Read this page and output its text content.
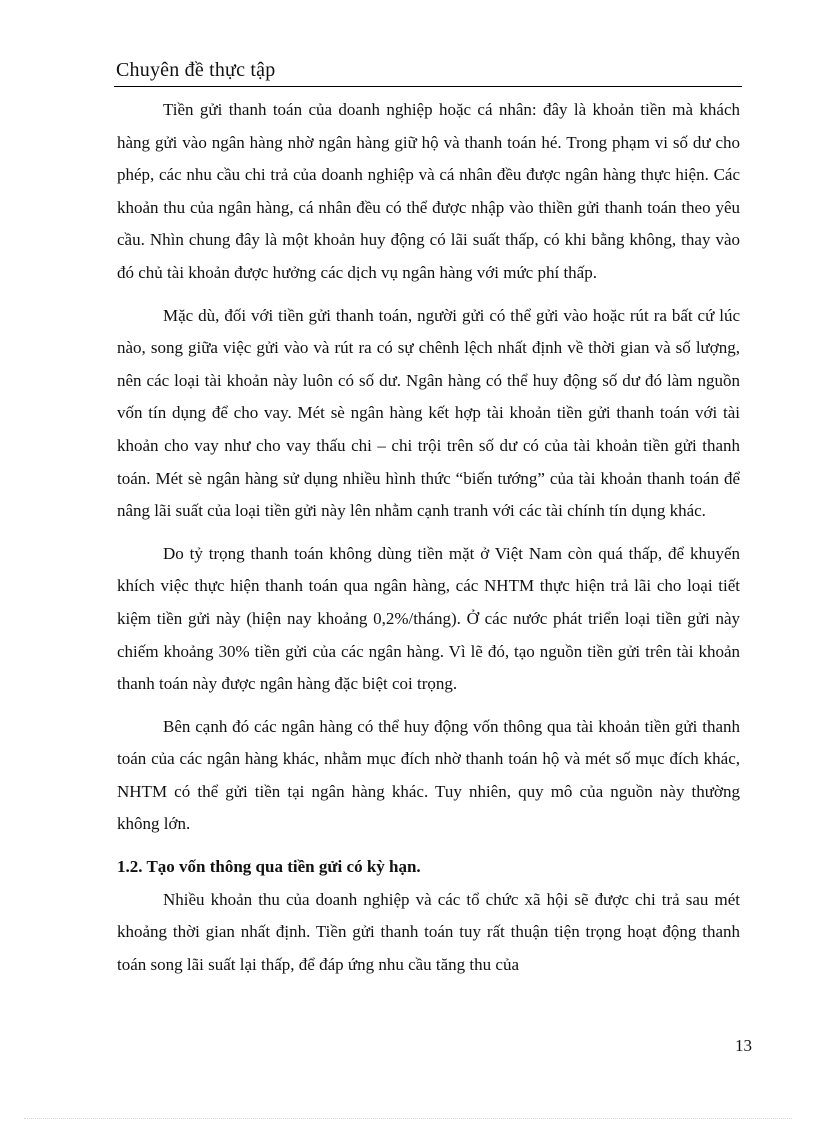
Chuyên đề thực tập

Tiền gửi thanh toán của doanh nghiệp hoặc cá nhân: đây là khoản tiền mà khách hàng gửi vào ngân hàng nhờ ngân hàng giữ hộ và thanh toán hé. Trong phạm vi số dư cho phép, các nhu cầu chi trả của doanh nghiệp và cá nhân đều được ngân hàng thực hiện. Các khoản thu của ngân hàng, cá nhân đều có thể được nhập vào thiền gửi thanh toán theo yêu cầu. Nhìn chung đây là một khoản huy động có lãi suất thấp, có khi bằng không, thay vào đó chủ tài khoản được hưởng các dịch vụ ngân hàng với mức phí thấp.

Mặc dù, đối với tiền gửi thanh toán, người gửi có thể gửi vào hoặc rút ra bất cứ lúc nào, song giữa việc gửi vào và rút ra có sự chênh lệch nhất định về thời gian và số lượng, nên các loại tài khoản này luôn có số dư. Ngân hàng có thể huy động số dư đó làm nguồn vốn tín dụng để cho vay. Mét sè ngân hàng kết hợp tài khoản tiền gửi thanh toán với tài khoản cho vay như cho vay thấu chi – chi trội trên số dư có của tài khoản tiền gửi thanh toán. Mét sè ngân hàng sử dụng nhiều hình thức “biến tướng” của tài khoản thanh toán để nâng lãi suất của loại tiền gửi này lên nhằm cạnh tranh với các tài chính tín dụng khác.

Do tỷ trọng thanh toán không dùng tiền mặt ở Việt Nam còn quá thấp, để khuyến khích việc thực hiện thanh toán qua ngân hàng, các NHTM thực hiện trả lãi cho loại tiết kiệm tiền gửi này (hiện nay khoảng 0,2%/tháng). Ở các nước phát triển loại tiền gửi này chiếm khoảng 30% tiền gửi của các ngân hàng. Vì lẽ đó, tạo nguồn tiền gửi trên tài khoản thanh toán này được ngân hàng đặc biệt coi trọng.

Bên cạnh đó các ngân hàng có thể huy động vốn thông qua tài khoản tiền gửi thanh toán của các ngân hàng khác, nhằm mục đích nhờ thanh toán hộ và mét số mục đích khác, NHTM có thể gửi tiền tại ngân hàng khác. Tuy nhiên, quy mô của nguồn này thường không lớn.

1.2. Tạo vốn thông qua tiền gửi có kỳ hạn.

Nhiều khoản thu của doanh nghiệp và các tổ chức xã hội sẽ được chi trả sau mét khoảng thời gian nhất định. Tiền gửi thanh toán tuy rất thuận tiện trọng hoạt động thanh toán song lãi suất lại thấp, để đáp ứng nhu cầu tăng thu của

13
